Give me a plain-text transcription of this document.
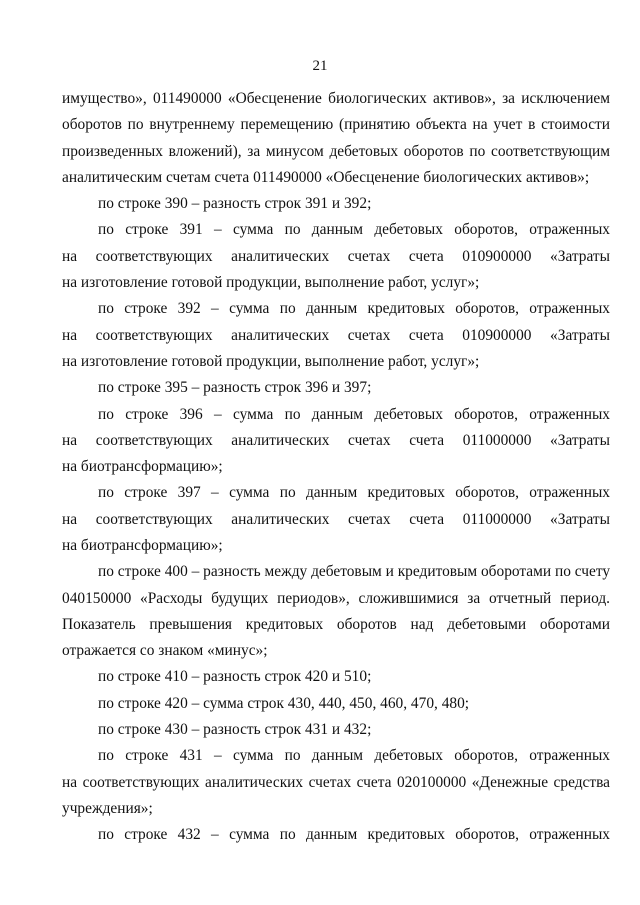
21
имущество», 011490000 «Обесценение биологических активов», за исключением
оборотов по внутреннему перемещению (принятию объекта на учет в стоимости
произведенных вложений), за минусом дебетовых оборотов по соответствующим
аналитическим счетам счета 011490000 «Обесценение биологических активов»;
по строке 390 – разность строк 391 и 392;
по строке 391 – сумма по данным дебетовых оборотов, отраженных
на соответствующих аналитических счетах счета 010900000 «Затраты
на изготовление готовой продукции, выполнение работ, услуг»;
по строке 392 – сумма по данным кредитовых оборотов, отраженных
на соответствующих аналитических счетах счета 010900000 «Затраты
на изготовление готовой продукции, выполнение работ, услуг»;
по строке 395 – разность строк 396 и 397;
по строке 396 – сумма по данным дебетовых оборотов, отраженных
на соответствующих аналитических счетах счета 011000000 «Затраты
на биотрансформацию»;
по строке 397 – сумма по данным кредитовых оборотов, отраженных
на соответствующих аналитических счетах счета 011000000 «Затраты
на биотрансформацию»;
по строке 400 – разность между дебетовым и кредитовым оборотами по счету
040150000 «Расходы будущих периодов», сложившимися за отчетный период.
Показатель превышения кредитовых оборотов над дебетовыми оборотами
отражается со знаком «минус»;
по строке 410 – разность строк 420 и 510;
по строке 420 – сумма строк 430, 440, 450, 460, 470, 480;
по строке 430 – разность строк 431 и 432;
по строке 431 – сумма по данным дебетовых оборотов, отраженных
на соответствующих аналитических счетах счета 020100000 «Денежные средства
учреждения»;
по строке 432 – сумма по данным кредитовых оборотов, отраженных
